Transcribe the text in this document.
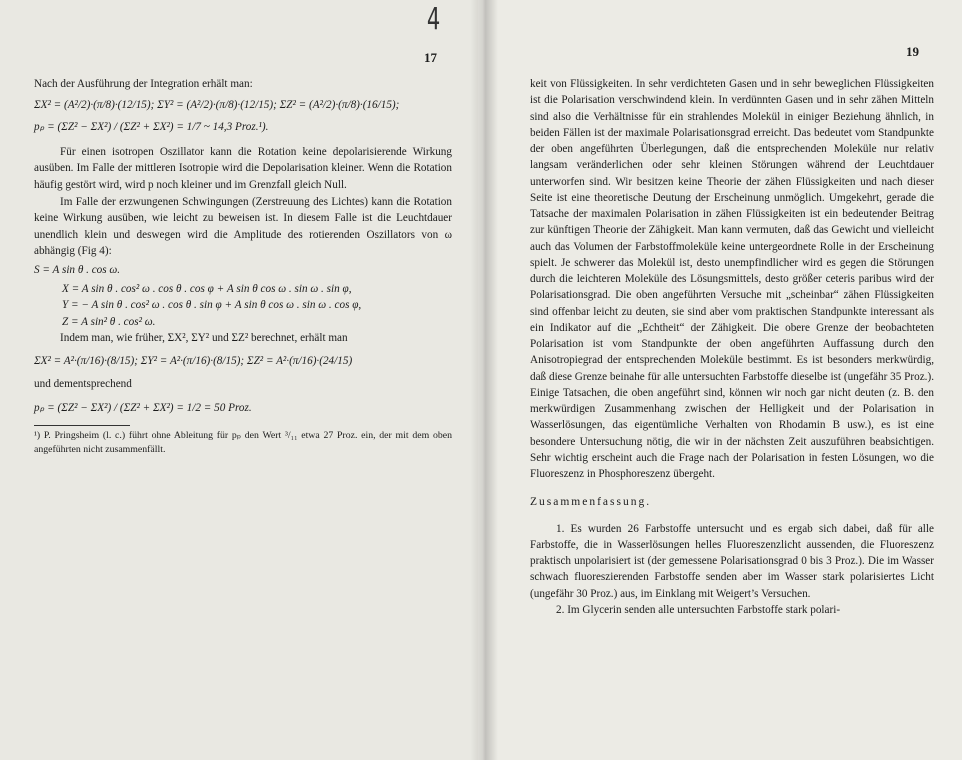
4
17	19

Nach der Ausführung der Integration erhält man:

ΣX² = (A²/2)·(π/8)·(12/15); ΣY² = (A²/2)·(π/8)·(12/15); ΣZ² = (A²/2)·(π/8)·(16/15);

pₚ = (ΣZ² − ΣX²) / (ΣZ² + ΣX²) = 1/7 ~ 14,3 Proz.¹).

Für einen isotropen Oszillator kann die Rotation keine depolarisierende Wirkung ausüben. Im Falle der mittleren Isotropie wird die Depolarisation kleiner. Wenn die Rotation häufig gestört wird, wird p noch kleiner und im Grenzfall gleich Null.

Im Falle der erzwungenen Schwingungen (Zerstreuung des Lichtes) kann die Rotation keine Wirkung ausüben, wie leicht zu beweisen ist. In diesem Falle ist die Leuchtdauer unendlich klein und deswegen wird die Amplitude des rotierenden Oszillators von ω abhängig (Fig 4):

S = A sin θ . cos ω.

X = A sin θ . cos² ω . cos θ . cos φ + A sin θ cos ω . sin ω . sin φ,

Y = − A sin θ . cos² ω . cos θ . sin φ + A sin θ cos ω . sin ω . cos φ,

Z = A sin² θ . cos² ω.

Indem man, wie früher, ΣX², ΣY² und ΣZ² berechnet, erhält man

ΣX² = A²·(π/16)·(8/15); ΣY² = A²·(π/16)·(8/15); ΣZ² = A²·(π/16)·(24/15)

und dementsprechend

pₚ = (ΣZ² − ΣX²) / (ΣZ² + ΣX²) = 1/2 = 50 Proz.

¹) P. Pringsheim (l. c.) führt ohne Ableitung für pₚ den Wert ³/₁₁ etwa 27 Proz. ein, der mit dem oben angeführten nicht zusammenfällt.

keit von Flüssigkeiten. In sehr verdichteten Gasen und in sehr beweglichen Flüssigkeiten ist die Polarisation verschwindend klein. In verdünnten Gasen und in sehr zähen Mitteln sind also die Verhältnisse für ein strahlendes Molekül in einiger Beziehung ähnlich, in beiden Fällen ist der maximale Polarisationsgrad erreicht. Das bedeutet vom Standpunkte der oben angeführten Überlegungen, daß die entsprechenden Moleküle nur relativ langsam veränderlichen oder sehr kleinen Störungen während der Leuchtdauer unterworfen sind. Wir besitzen keine Theorie der zähen Flüssigkeiten und nach dieser Seite ist eine theoretische Deutung der Erscheinung unmöglich. Umgekehrt, gerade die Tatsache der maximalen Polarisation in zähen Flüssigkeiten ist ein bedeutender Beitrag zur künftigen Theorie der Zähigkeit. Man kann vermuten, daß das Gewicht und vielleicht auch das Volumen der Farbstoffmoleküle keine untergeordnete Rolle in der Erscheinung spielt. Je schwerer das Molekül ist, desto unempfindlicher wird es gegen die Störungen durch die leichteren Moleküle des Lösungsmittels, desto größer ceteris paribus wird der Polarisationsgrad. Die oben angeführten Versuche mit „scheinbar“ zähen Flüssigkeiten sind offenbar leicht zu deuten, sie sind aber vom praktischen Standpunkte interessant als ein Indikator auf die „Echtheit“ der Zähigkeit. Die obere Grenze der beobachteten Polarisation ist vom Standpunkte der oben angeführten Auffassung durch den Anisotropiegrad der entsprechenden Moleküle bestimmt. Es ist besonders merkwürdig, daß diese Grenze beinahe für alle untersuchten Farbstoffe dieselbe ist (ungefähr 35 Proz.). Einige Tatsachen, die oben angeführt sind, können wir noch gar nicht deuten (z. B. den merkwürdigen Zusammenhang zwischen der Helligkeit und der Polarisation in Wasserlösungen, das eigentümliche Verhalten von Rhodamin B usw.), es ist eine besondere Untersuchung nötig, die wir in der nächsten Zeit auszuführen beabsichtigen. Sehr wichtig erscheint auch die Frage nach der Polarisation in festen Lösungen, wo die Fluoreszenz in Phosphoreszenz übergeht.

Zusammenfassung.

1. Es wurden 26 Farbstoffe untersucht und es ergab sich dabei, daß für alle Farbstoffe, die in Wasserlösungen helles Fluoreszenzlicht aussenden, die Fluoreszenz praktisch unpolarisiert ist (der gemessene Polarisationsgrad 0 bis 3 Proz.). Die im Wasser schwach fluoreszierenden Farbstoffe senden aber im Wasser stark polarisiertes Licht (ungefähr 30 Proz.) aus, im Einklang mit Weigert’s Versuchen.

2. Im Glycerin senden alle untersuchten Farbstoffe stark polari-
